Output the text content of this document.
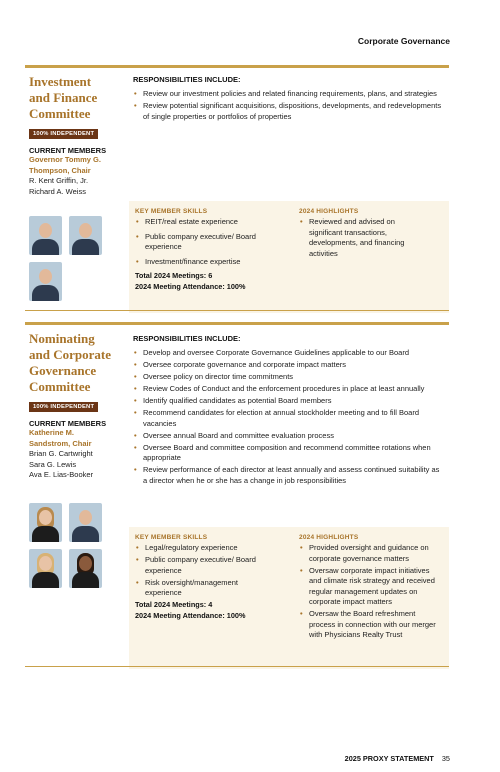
Corporate Governance
Investment
and Finance
Committee
100% INDEPENDENT
CURRENT MEMBERS
Governor Tommy G.
Thompson, Chair
R. Kent Griffin, Jr.
Richard A. Weiss
RESPONSIBILITIES INCLUDE:
• Review our investment policies and related financing requirements, plans, and strategies
• Review potential significant acquisitions, dispositions, developments, and redevelopments of single properties or portfolios of properties
KEY MEMBER SKILLS
• REIT/real estate experience
• Public company executive/ Board experience
• Investment/finance expertise
Total 2024 Meetings: 6
2024 Meeting Attendance: 100%
2024 HIGHLIGHTS
• Reviewed and advised on significant transactions, developments, and financing activities
Nominating
and Corporate
Governance
Committee
100% INDEPENDENT
CURRENT MEMBERS
Katherine M.
Sandstrom, Chair
Brian G. Cartwright
Sara G. Lewis
Ava E. Lias-Booker
RESPONSIBILITIES INCLUDE:
• Develop and oversee Corporate Governance Guidelines applicable to our Board
• Oversee corporate governance and corporate impact matters
• Oversee policy on director time commitments
• Review Codes of Conduct and the enforcement procedures in place at least annually
• Identify qualified candidates as potential Board members
• Recommend candidates for election at annual stockholder meeting and to fill Board vacancies
• Oversee annual Board and committee evaluation process
• Oversee Board and committee composition and recommend committee rotations when appropriate
• Review performance of each director at least annually and assess continued suitability as a director when he or she has a change in job responsibilities
KEY MEMBER SKILLS
• Legal/regulatory experience
• Public company executive/ Board experience
• Risk oversight/management experience
Total 2024 Meetings: 4
2024 Meeting Attendance: 100%
2024 HIGHLIGHTS
• Provided oversight and guidance on corporate governance matters
• Oversaw corporate impact initiatives and climate risk strategy and received regular management updates on corporate impact matters
• Oversaw the Board refreshment process in connection with our merger with Physicians Realty Trust
2025 PROXY STATEMENT 35
